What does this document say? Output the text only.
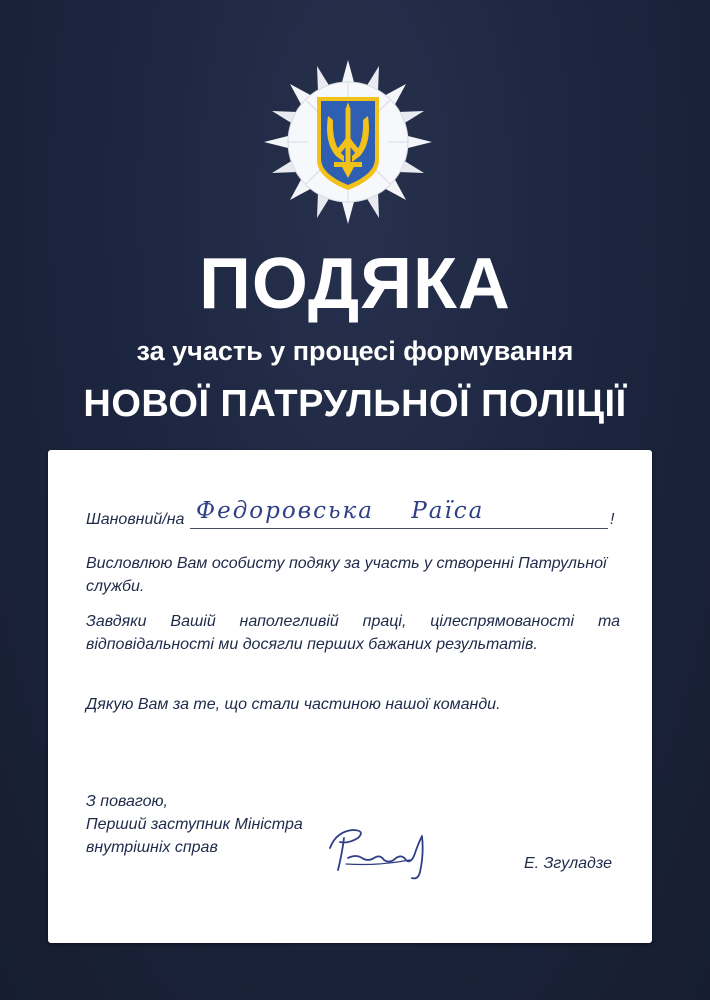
ПОДЯКА
за участь у процесі формування
НОВОЇ ПАТРУЛЬНОЇ ПОЛІЦІЇ
Шановний/на Федоровська Раїса	!
Висловлюю Вам особисту подяку за участь у створенні Патрульної служби.
Завдяки Вашій наполегливій праці, цілеспрямованості та відповідальності ми досягли перших бажаних результатів.
Дякую Вам за те, що стали частиною нашої команди.
З повагою,
Перший заступник Міністра
внутрішніх справ
Е. Згуладзе
